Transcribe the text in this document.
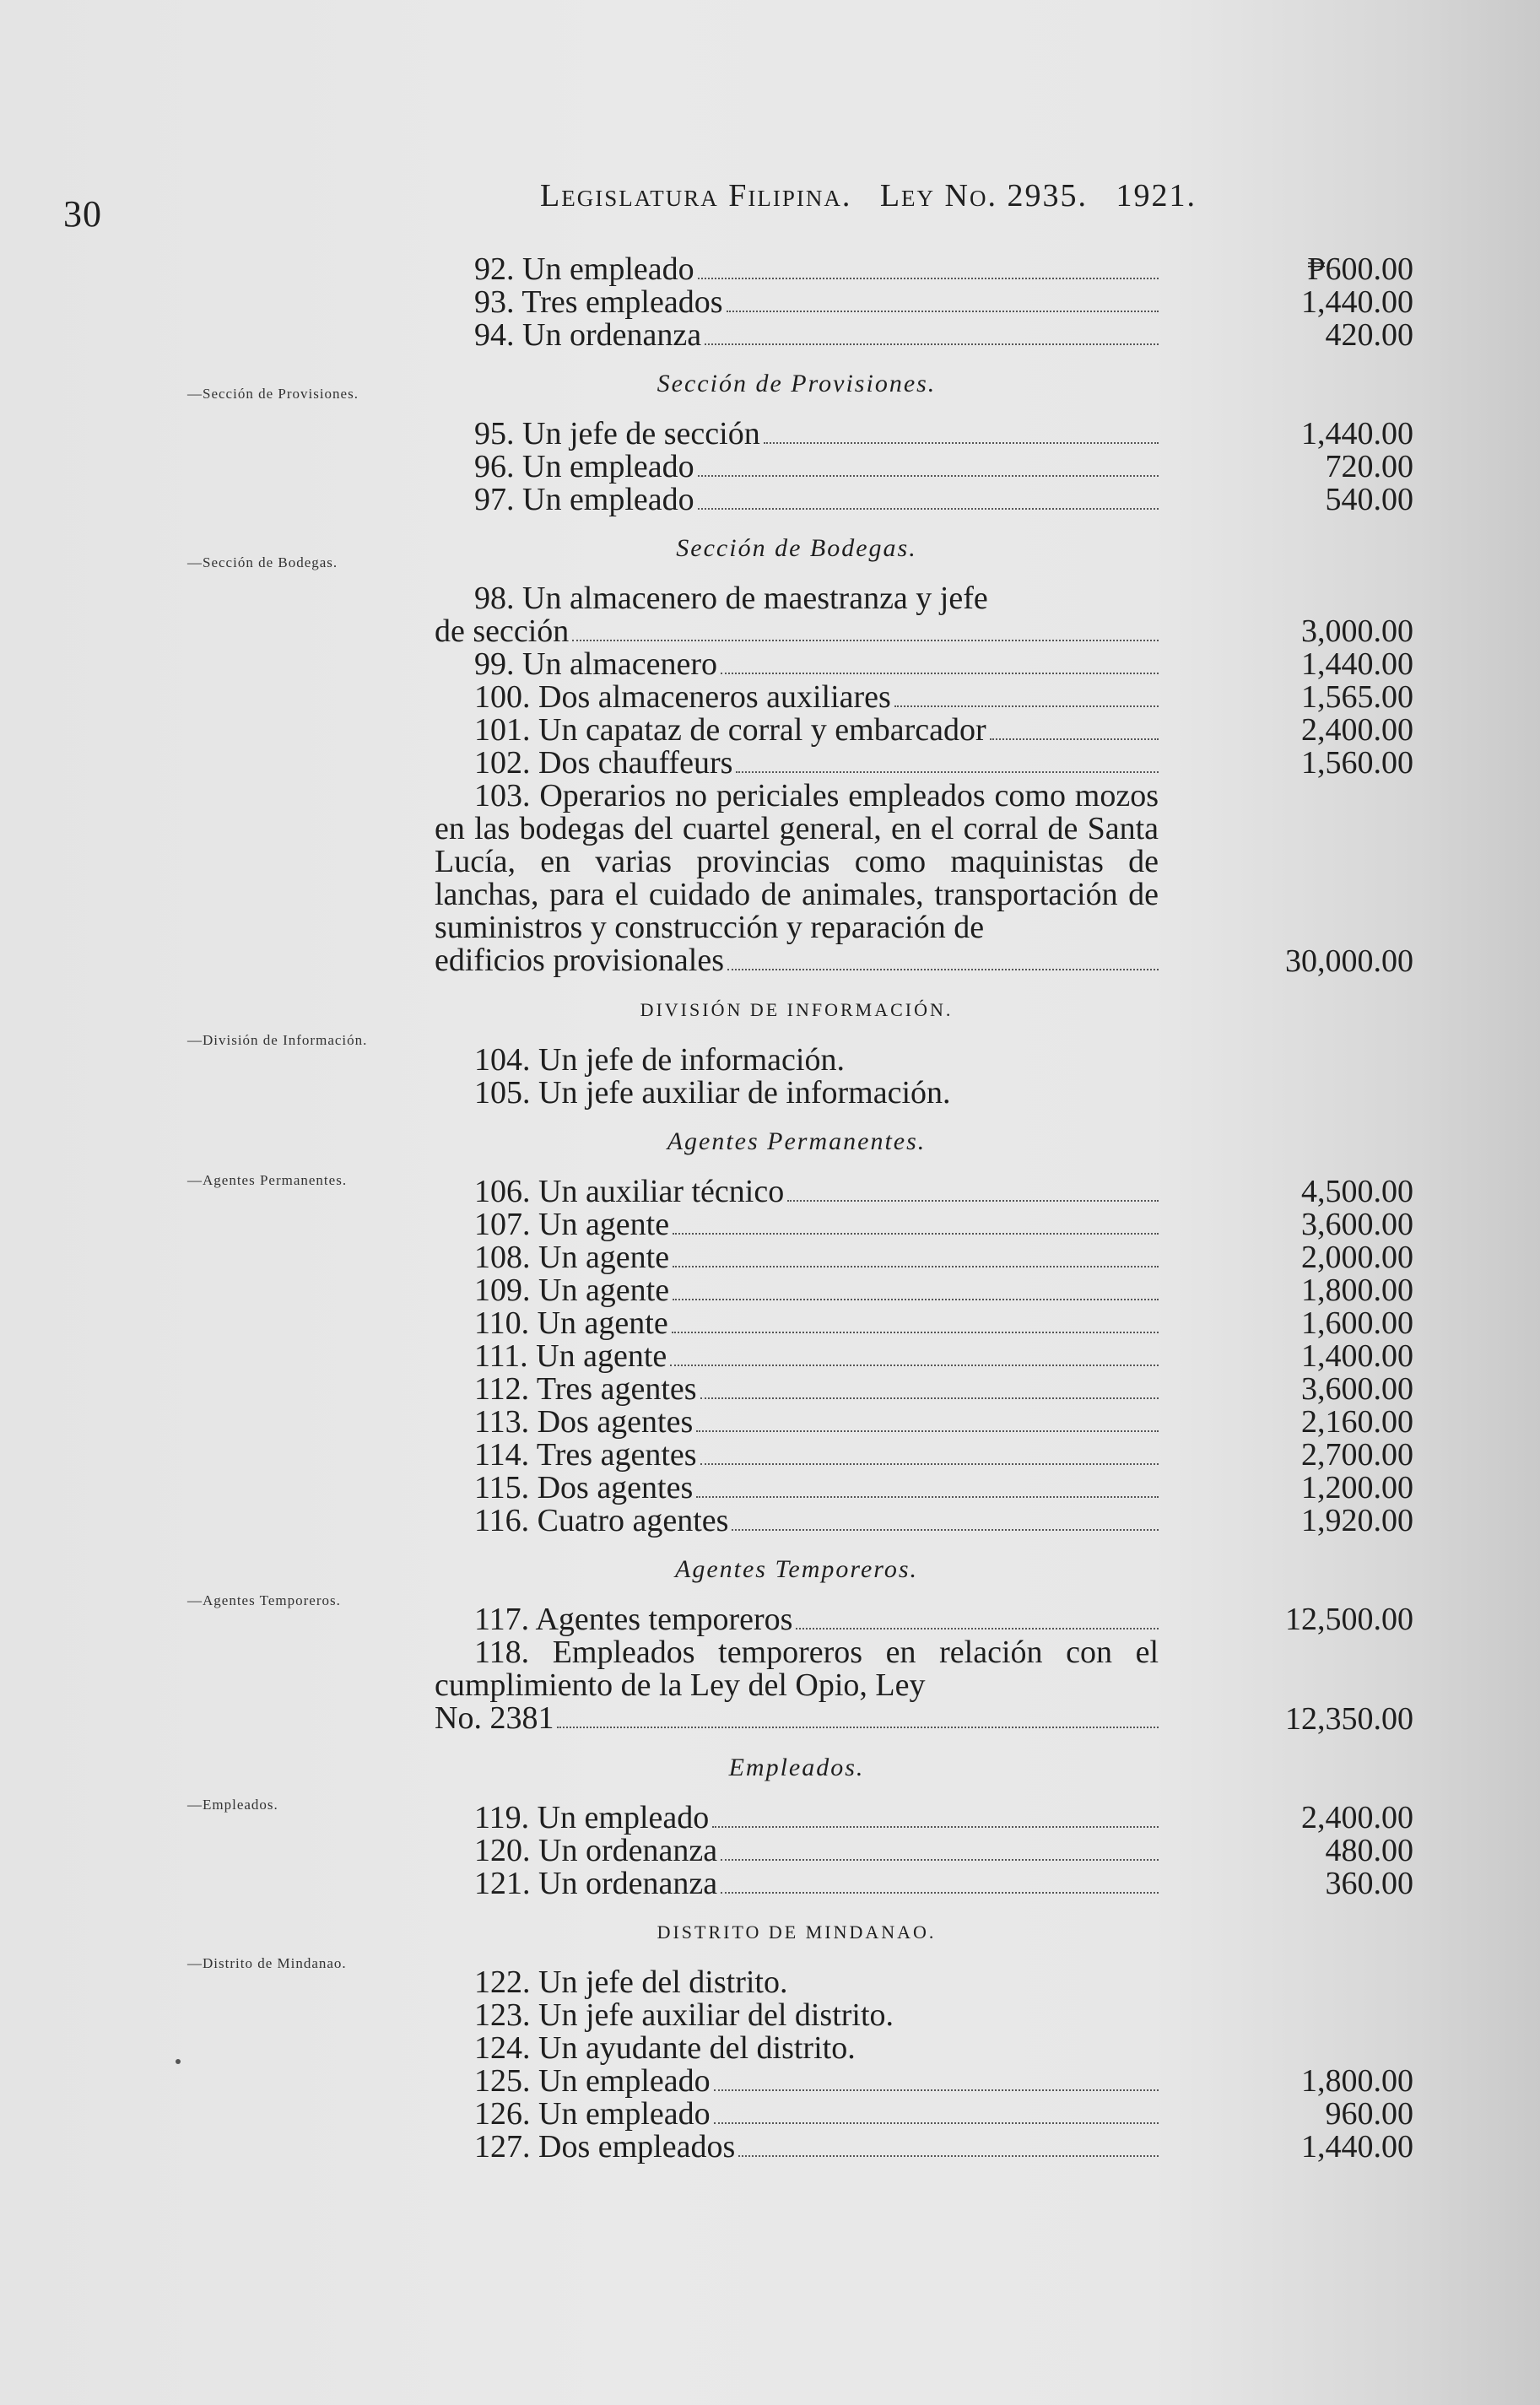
30	Legislatura Filipina. Ley No. 2935. 1921.
—Sección de Provisiones.
—Sección de Bodegas.
—División de Información.
—Agentes Permanentes.
—Agentes Temporeros.
—Empleados.
—Distrito de Mindanao.
92. Un empleado	₱600.00
93. Tres empleados	1,440.00
94. Un ordenanza	420.00
Sección de Provisiones.
95. Un jefe de sección	1,440.00
96. Un empleado	720.00
97. Un empleado	540.00
Sección de Bodegas.
98. Un almacenero de maestranza y jefe
de sección	3,000.00
99. Un almacenero	1,440.00
100. Dos almaceneros auxiliares	1,565.00
101. Un capataz de corral y embarcador	2,400.00
102. Dos chauffeurs	1,560.00
103. Operarios no periciales empleados como mozos en las bodegas del cuartel general, en el corral de Santa Lucía, en varias provincias como maquinistas de lanchas, para el cuidado de animales, transportación de suministros y construcción y reparación de
edificios provisionales	30,000.00
DIVISIÓN DE INFORMACIÓN.
104. Un jefe de información.
105. Un jefe auxiliar de información.
Agentes Permanentes.
106. Un auxiliar técnico	4,500.00
107. Un agente	3,600.00
108. Un agente	2,000.00
109. Un agente	1,800.00
110. Un agente	1,600.00
111. Un agente	1,400.00
112. Tres agentes	3,600.00
113. Dos agentes	2,160.00
114. Tres agentes	2,700.00
115. Dos agentes	1,200.00
116. Cuatro agentes	1,920.00
Agentes Temporeros.
117. Agentes temporeros	12,500.00
118. Empleados temporeros en relación con el cumplimiento de la Ley del Opio, Ley
No. 2381	12,350.00
Empleados.
119. Un empleado	2,400.00
120. Un ordenanza	480.00
121. Un ordenanza	360.00
DISTRITO DE MINDANAO.
122. Un jefe del distrito.
123. Un jefe auxiliar del distrito.
124. Un ayudante del distrito.
125. Un empleado	1,800.00
126. Un empleado	960.00
127. Dos empleados	1,440.00
